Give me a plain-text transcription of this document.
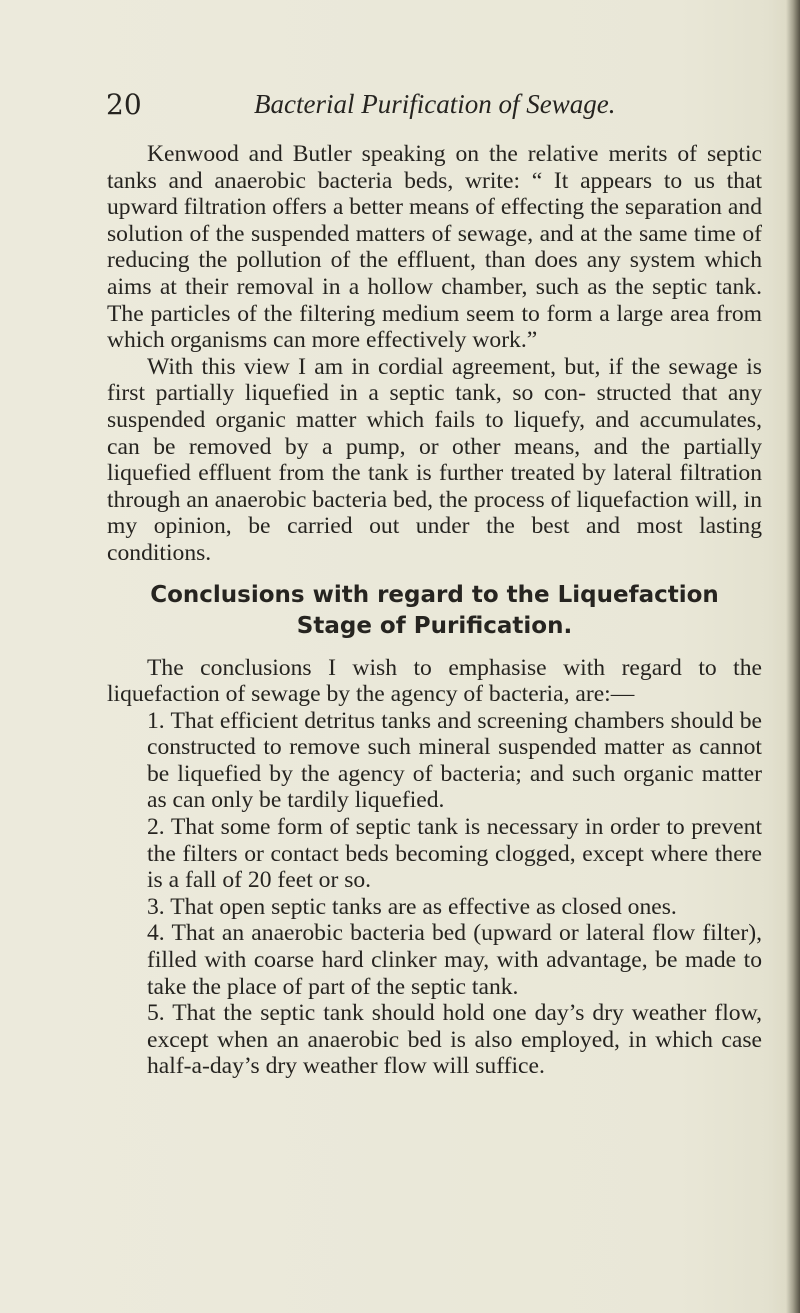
20	Bacterial Purification of Sewage.

Kenwood and Butler speaking on the relative merits of septic tanks and anaerobic bacteria beds, write: “ It appears to us that upward filtration offers a better means of effecting the separation and solution of the suspended matters of sewage, and at the same time of reducing the pollution of the effluent, than does any system which aims at their removal in a hollow chamber, such as the septic tank. The particles of the filtering medium seem to form a large area from which organisms can more effectively work.”

With this view I am in cordial agreement, but, if the sewage is first partially liquefied in a septic tank, so con- structed that any suspended organic matter which fails to liquefy, and accumulates, can be removed by a pump, or other means, and the partially liquefied effluent from the tank is further treated by lateral filtration through an anaerobic bacteria bed, the process of liquefaction will, in my opinion, be carried out under the best and most lasting conditions.

Conclusions with regard to the Liquefaction
Stage of Purification.

The conclusions I wish to emphasise with regard to the liquefaction of sewage by the agency of bacteria, are:—

1. That efficient detritus tanks and screening chambers should be constructed to remove such mineral suspended matter as cannot be liquefied by the agency of bacteria; and such organic matter as can only be tardily liquefied.

2. That some form of septic tank is necessary in order to prevent the filters or contact beds becoming clogged, except where there is a fall of 20 feet or so.

3. That open septic tanks are as effective as closed ones.

4. That an anaerobic bacteria bed (upward or lateral flow filter), filled with coarse hard clinker may, with advantage, be made to take the place of part of the septic tank.

5. That the septic tank should hold one day’s dry weather flow, except when an anaerobic bed is also employed, in which case half-a-day’s dry weather flow will suffice.
